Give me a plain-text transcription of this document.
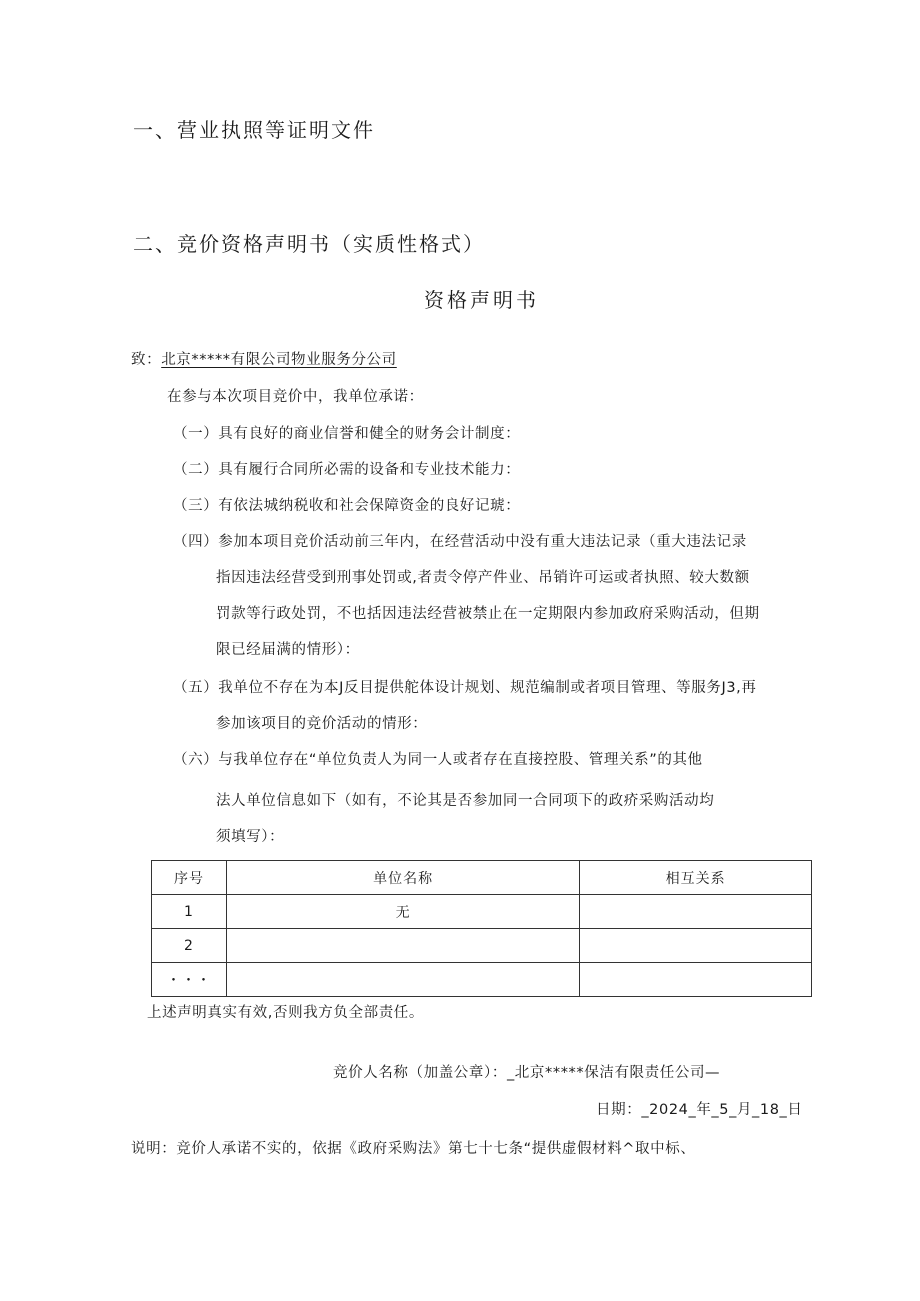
一、营业执照等证明文件
二、竞价资格声明书（实质性格式）
资格声明书
致：北京*****有限公司物业服务分公司
在参与本次项目竞价中，我单位承诺：
（一）具有良好的商业信誉和健全的财务会计制度：
（二）具有履行合同所必需的设备和专业技术能力：
（三）有依法城纳税收和社会保障资金的良好记琥：
（四）参加本项目竞价活动前三年内，在经营活动中没有重大违法记录（重大违法记录
指因违法经营受到刑事处罚或,者责令停产件业、吊销许可运或者执照、较大数额
罚款等行政处罚，不也括因违法经营被禁止在一定期限内参加政府采购活动，但期
限已经届满的情形）：
（五）我单位不存在为本J反目提供舵体设计规划、规范编制或者项目管理、等服务J3,再
参加该项目的竞价活动的情形：
（六）与我单位存在“单位负责人为同一人或者存在直接控股、管理关系”的其他
法人单位信息如下（如有，不论其是否参加同一合同项下的政疥采购活动均
须填写）：
序号	单位名称	相互关系
1	无	
2		
・・・		
上述声明真实有效,否则我方负全部责任。
竞价人名称（加盖公章）：_北京*****保洁有限责任公司—
日期：_2024_年_5_月_18_日
说明：竞价人承诺不实的，依据《政府采购法》第七十七条“提供虚假材料^取中标、
